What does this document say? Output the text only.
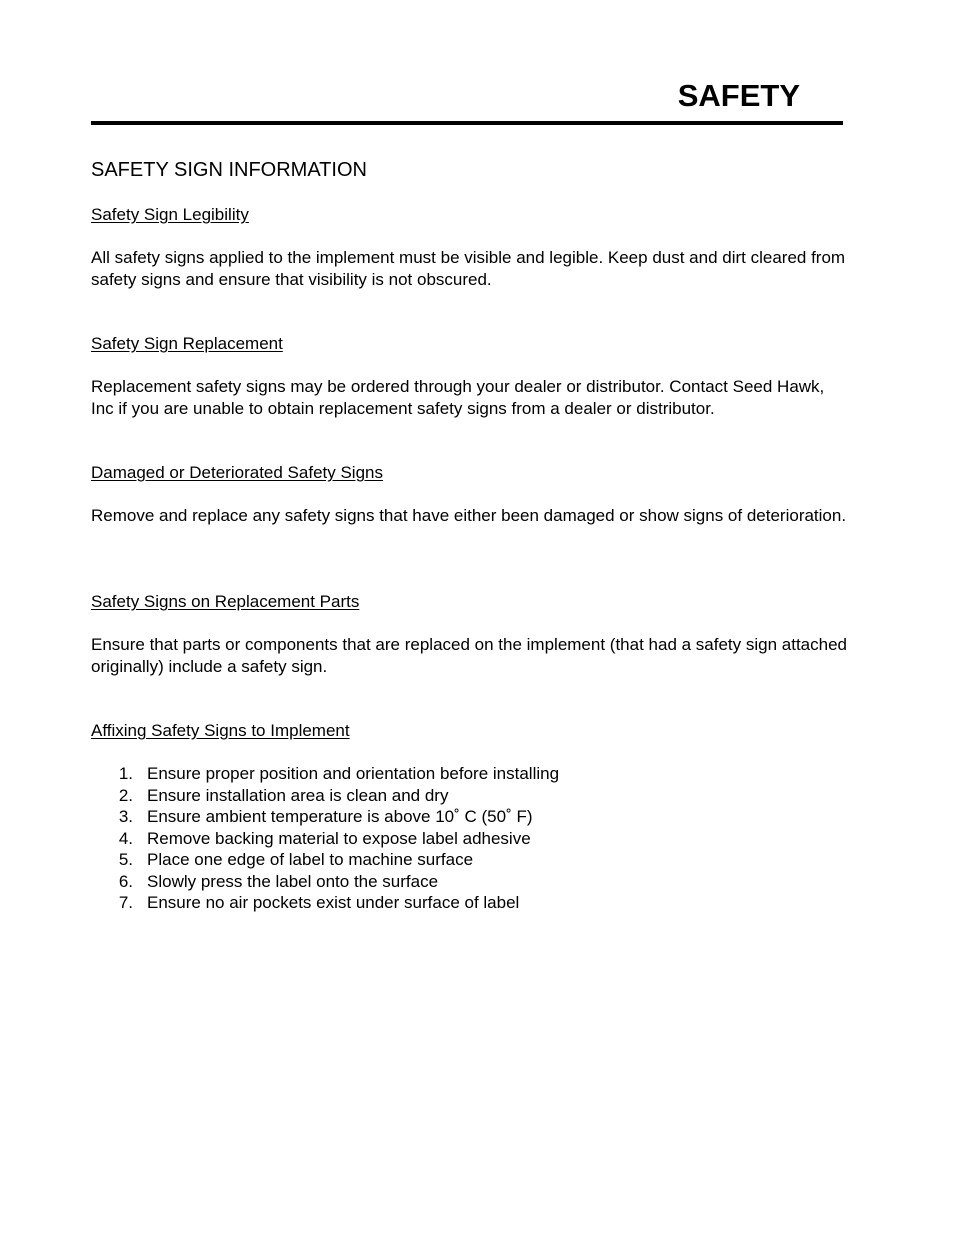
SAFETY
SAFETY SIGN INFORMATION
Safety Sign Legibility

All safety signs applied to the implement must be visible and legible. Keep dust and dirt cleared from safety signs and ensure that visibility is not obscured.

Safety Sign Replacement

Replacement safety signs may be ordered through your dealer or distributor. Contact Seed Hawk, Inc if you are unable to obtain replacement safety signs from a dealer or distributor.

Damaged or Deteriorated Safety Signs

Remove and replace any safety signs that have either been damaged or show signs of deterioration.

Safety Signs on Replacement Parts

Ensure that parts or components that are replaced on the implement (that had a safety sign attached originally) include a safety sign.

Affixing Safety Signs to Implement
1. Ensure proper position and orientation before installing
2. Ensure installation area is clean and dry
3. Ensure ambient temperature is above 10˚ C (50˚ F)
4. Remove backing material to expose label adhesive
5. Place one edge of label to machine surface
6. Slowly press the label onto the surface
7. Ensure no air pockets exist under surface of label
